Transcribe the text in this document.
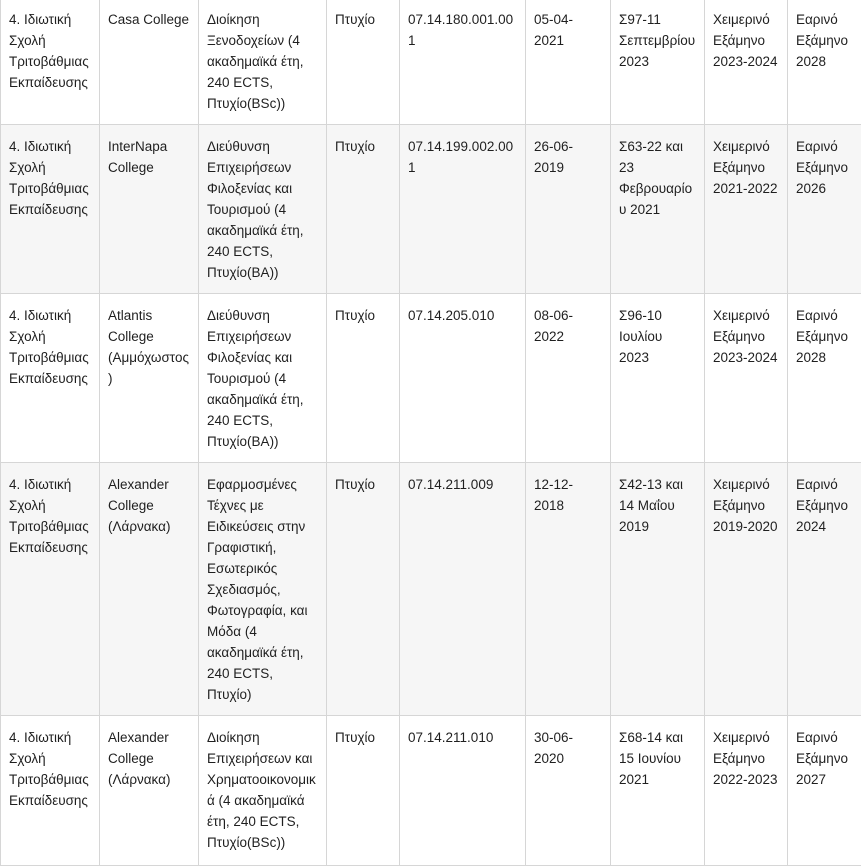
4. Ιδιωτική Σχολή Τριτοβάθμιας Εκπαίδευσης	Casa College	Διοίκηση Ξενοδοχείων (4 ακαδημαϊκά έτη, 240 ECTS, Πτυχίο(BSc))	Πτυχίο	07.14.180.001.001	05-04-2021	Σ97-11 Σεπτεμβρίου 2023	Χειμερινό Εξάμηνο 2023-2024	Εαρινό Εξάμηνο 2028
4. Ιδιωτική Σχολή Τριτοβάθμιας Εκπαίδευσης	InterNapa College	Διεύθυνση Επιχειρήσεων Φιλοξενίας και Τουρισμού (4 ακαδημαϊκά έτη, 240 ECTS, Πτυχίο(BA))	Πτυχίο	07.14.199.002.001	26-06-2019	Σ63-22 και 23 Φεβρουαρίου 2021	Χειμερινό Εξάμηνο 2021-2022	Εαρινό Εξάμηνο 2026
4. Ιδιωτική Σχολή Τριτοβάθμιας Εκπαίδευσης	Atlantis College (Αμμόχωστος)	Διεύθυνση Επιχειρήσεων Φιλοξενίας και Τουρισμού (4 ακαδημαϊκά έτη, 240 ECTS, Πτυχίο(BA))	Πτυχίο	07.14.205.010	08-06-2022	Σ96-10 Ιουλίου 2023	Χειμερινό Εξάμηνο 2023-2024	Εαρινό Εξάμηνο 2028
4. Ιδιωτική Σχολή Τριτοβάθμιας Εκπαίδευσης	Alexander College (Λάρνακα)	Εφαρμοσμένες Τέχνες με Ειδικεύσεις στην Γραφιστική, Εσωτερικός Σχεδιασμός, Φωτογραφία, και Μόδα (4 ακαδημαϊκά έτη, 240 ECTS, Πτυχίο)	Πτυχίο	07.14.211.009	12-12-2018	Σ42-13 και 14 Μαΐου 2019	Χειμερινό Εξάμηνο 2019-2020	Εαρινό Εξάμηνο 2024
4. Ιδιωτική Σχολή Τριτοβάθμιας Εκπαίδευσης	Alexander College (Λάρνακα)	Διοίκηση Επιχειρήσεων και Χρηματοοικονομικά (4 ακαδημαϊκά έτη, 240 ECTS, Πτυχίο(BSc))	Πτυχίο	07.14.211.010	30-06-2020	Σ68-14 και 15 Ιουνίου 2021	Χειμερινό Εξάμηνο 2022-2023	Εαρινό Εξάμηνο 2027
